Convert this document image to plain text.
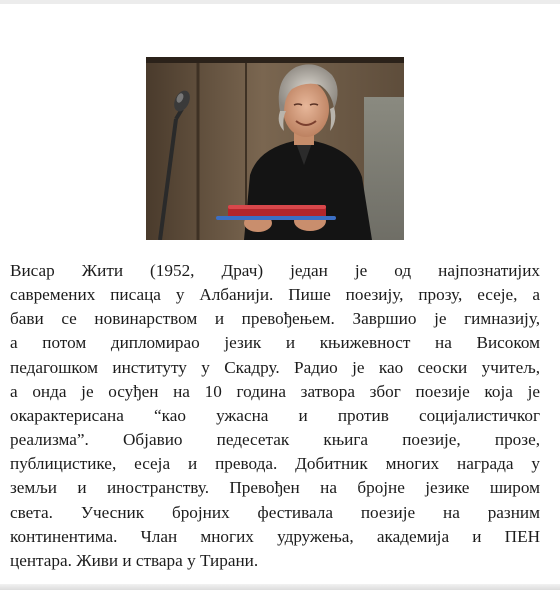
Висар Жити (1952, Драч) један је од најпознатијих
савремених писаца у Албанији. Пише поезију, прозу, есеје, а
бави се новинарством и превођењем. Завршио је гимназију,
а потом дипломирао језик и књижевност на Високом
педагошком институту у Скадру. Радио је као сеоски учитељ,
а онда је осуђен на 10 година затвора због поезије која је
окарактерисана “као ужасна и против социјалистичког
реализма”. Објавио педесетак књига поезије, прозе,
публицистике, есеја и превода. Добитник многих награда у
земљи и иностранству. Превођен на бројне језике широм
света. Учесник бројних фестивала поезије на разним
континентима. Члан многих удружења, академија и ПЕН
центара. Живи и ствара у Тирани.
